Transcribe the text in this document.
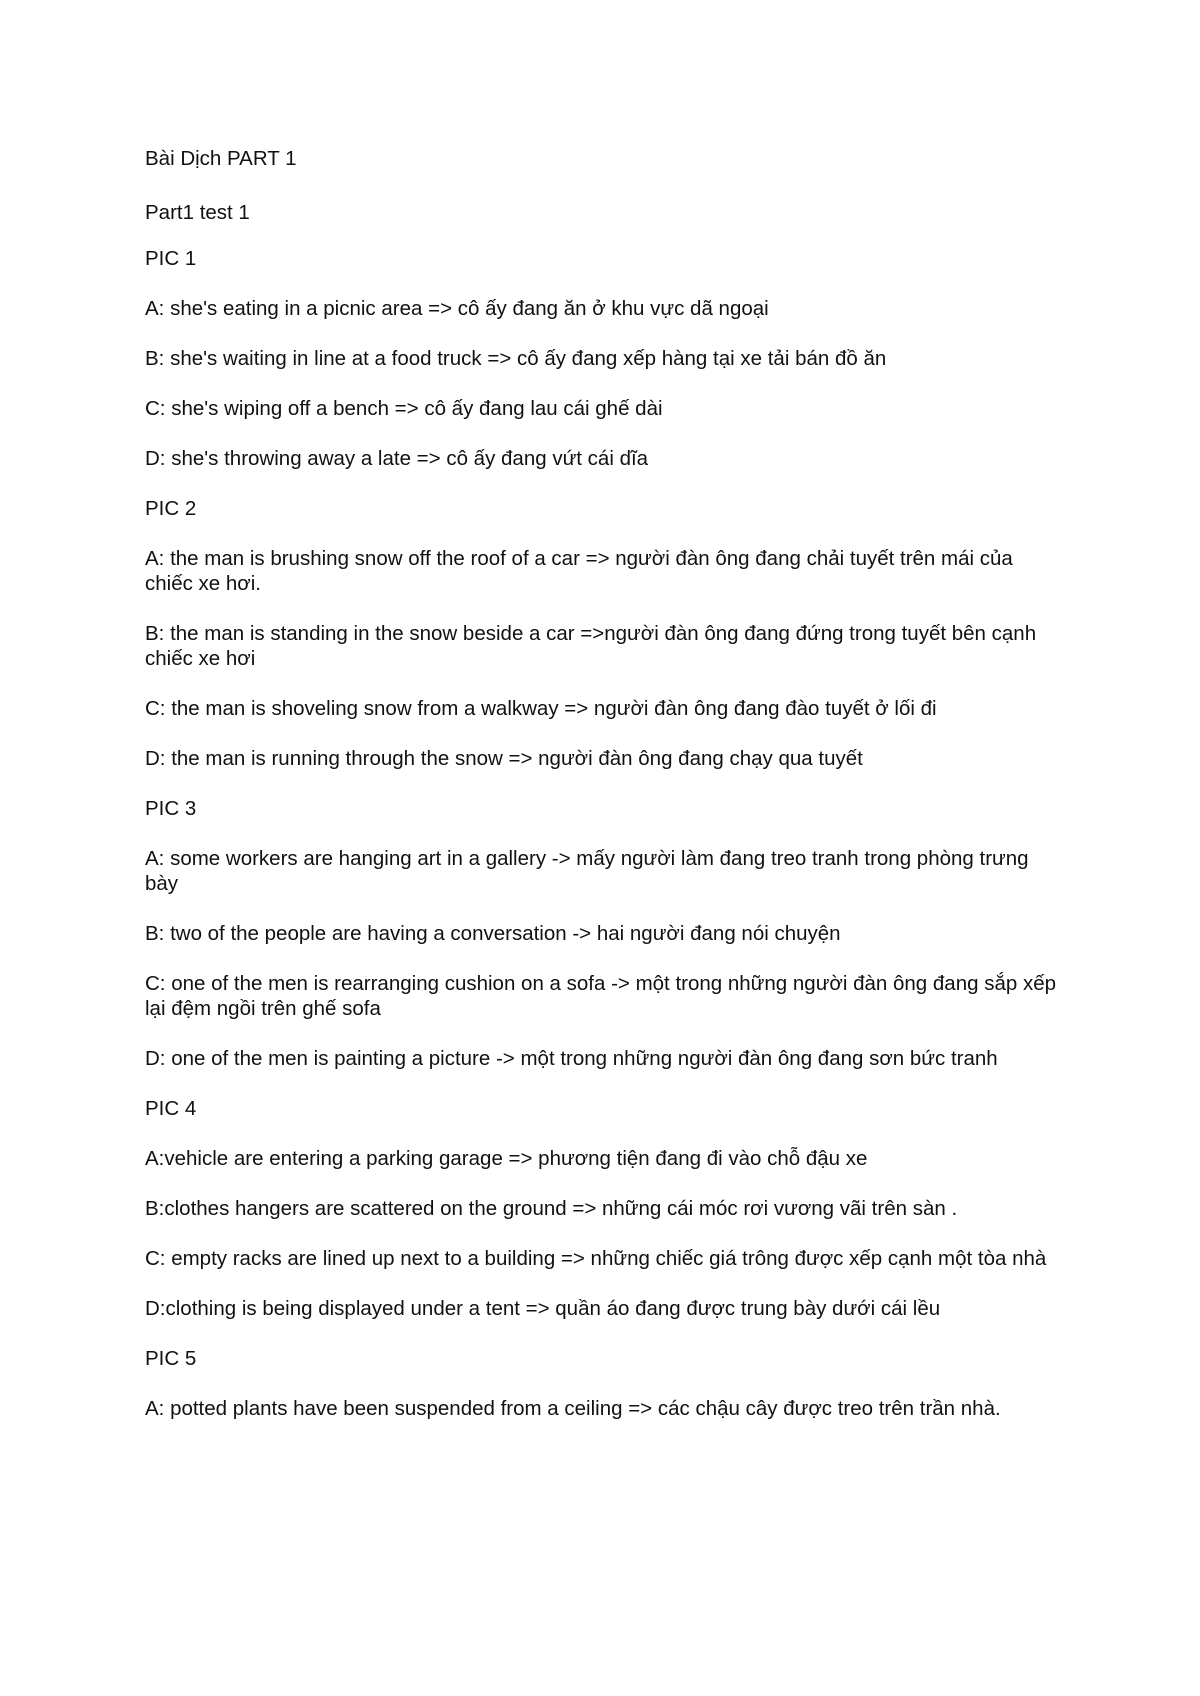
Bài Dịch PART 1
Part1 test 1
PIC 1
A: she's eating in a picnic area => cô ấy đang ăn ở khu vực dã ngoại
B: she's waiting in line at a food truck => cô ấy đang xếp hàng tại xe tải bán đồ ăn
C: she's wiping off a bench => cô ấy đang lau cái ghế dài
D: she's throwing away a late => cô ấy đang vứt cái dĩa
PIC 2
A: the man is brushing snow off the roof of a car => người đàn ông đang chải tuyết trên mái của chiếc xe hơi.
B: the man is standing in the snow beside a car =>người đàn ông đang đứng trong tuyết bên cạnh chiếc xe hơi
C: the man is shoveling snow from a walkway => người đàn ông đang đào tuyết ở lối đi
D: the man is running through the snow => người đàn ông đang chạy qua tuyết
PIC 3
A: some workers are hanging art in a gallery -> mấy người làm đang treo tranh trong phòng trưng bày
B: two of the people are having a conversation -> hai người đang nói chuyện
C: one of the men is rearranging cushion on a sofa -> một trong những người đàn ông đang sắp xếp lại đệm ngồi trên ghế sofa
D: one of the men is painting a picture -> một trong những người đàn ông đang sơn bức tranh
PIC 4
A:vehicle are entering a parking garage => phương tiện đang đi vào chỗ đậu xe
B:clothes hangers are scattered on the ground => những cái móc rơi vương vãi trên sàn .
C: empty racks are lined up next to a building => những chiếc giá trông được xếp cạnh một tòa nhà
D:clothing is being displayed under a tent => quần áo đang được trung bày dưới cái lều
PIC 5
A: potted plants have been suspended from a ceiling => các chậu cây được treo trên trần nhà.
